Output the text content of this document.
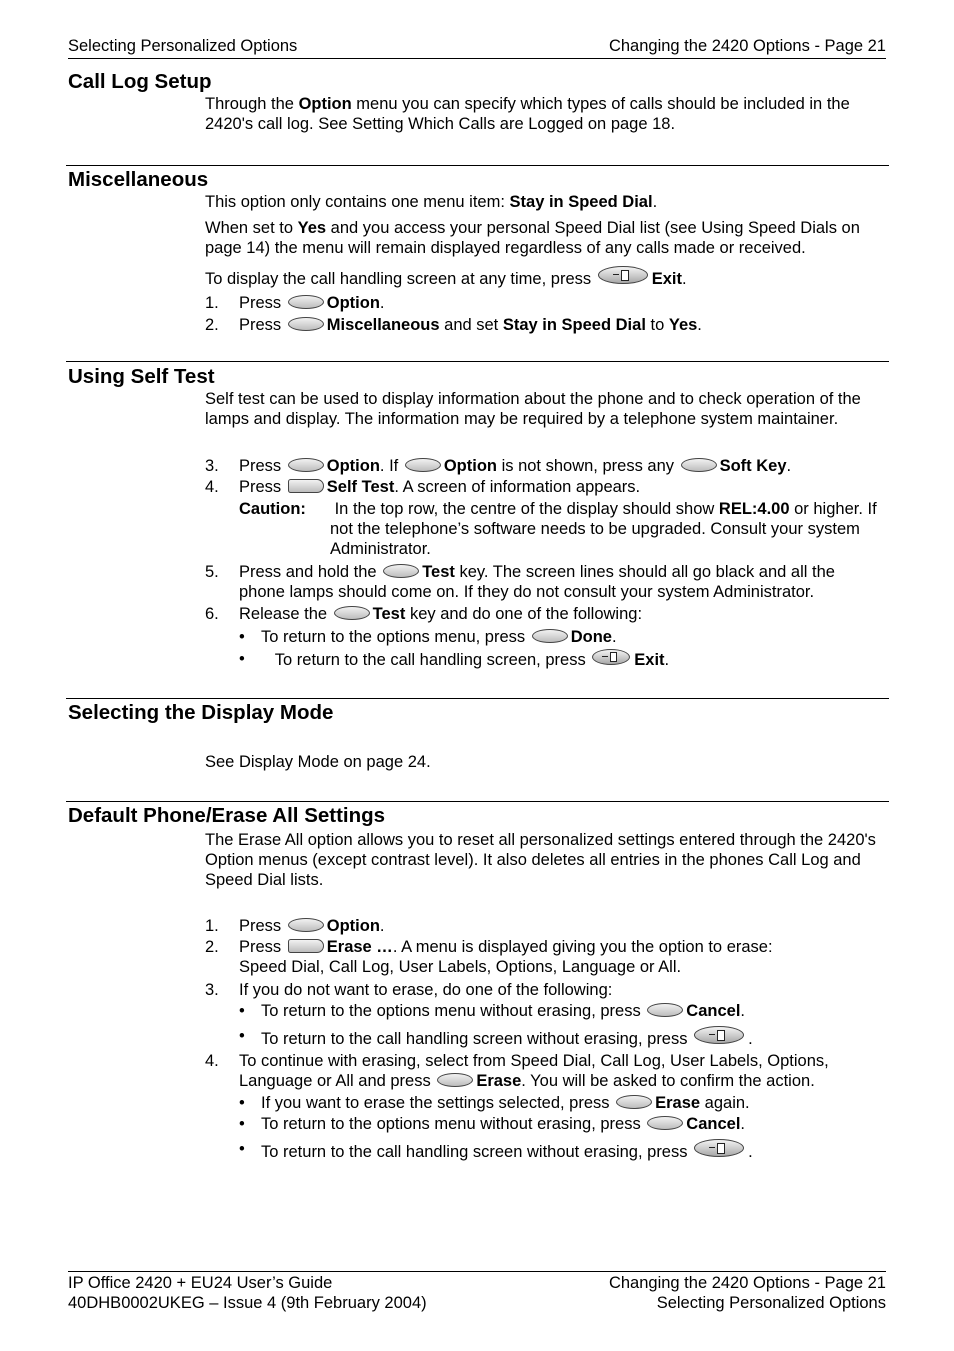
Selecting Personalized Options	Changing the 2420 Options - Page 21
Call Log Setup

Through the Option menu you can specify which types of calls should be included in the 2420's call log. See Setting Which Calls are Logged on page 18.

Miscellaneous

This option only contains one menu item: Stay in Speed Dial.

When set to Yes and you access your personal Speed Dial list (see Using Speed Dials on page 14) the menu will remain displayed regardless of any calls made or received.

To display the call handling screen at any time, press	Exit.

1. Press Option.
2. Press Miscellaneous and set Stay in Speed Dial to Yes.
Using Self Test

Self test can be used to display information about the phone and to check operation of the lamps and display. The information may be required by a telephone system maintainer.

3. Press Option. If Option is not shown, press any Soft Key.
4. Press Self Test. A screen of information appears.
Caution: In the top row, the centre of the display should show REL:4.00 or higher. If not the telephone’s software needs to be upgraded. Consult your system Administrator.
5. Press and hold the Test key. The screen lines should all go black and all the phone lamps should come on. If they do not consult your system Administrator.
6. Release the Test key and do one of the following:
• To return to the options menu, press Done.
•	To return to the call handling screen, press	Exit.
Selecting the Display Mode

See Display Mode on page 24.

Default Phone/Erase All Settings

The Erase All option allows you to reset all personalized settings entered through the 2420's Option menus (except contrast level). It also deletes all entries in the phones Call Log and Speed Dial lists.

1. Press Option.
2. Press Erase …. A menu is displayed giving you the option to erase:
Speed Dial, Call Log, User Labels, Options, Language or All.
3. If you do not want to erase, do one of the following:
• To return to the options menu without erasing, press Cancel.
• To return to the call handling screen without erasing, press	.
4. To continue with erasing, select from Speed Dial, Call Log, User Labels, Options, Language or All and press Erase. You will be asked to confirm the action.
• If you want to erase the settings selected, press Erase again.
• To return to the options menu without erasing, press Cancel.
• To return to the call handling screen without erasing, press	.
IP Office 2420 + EU24 User’s Guide
40DHB0002UKEG – Issue 4 (9th February 2004)
Changing the 2420 Options - Page 21
Selecting Personalized Options
